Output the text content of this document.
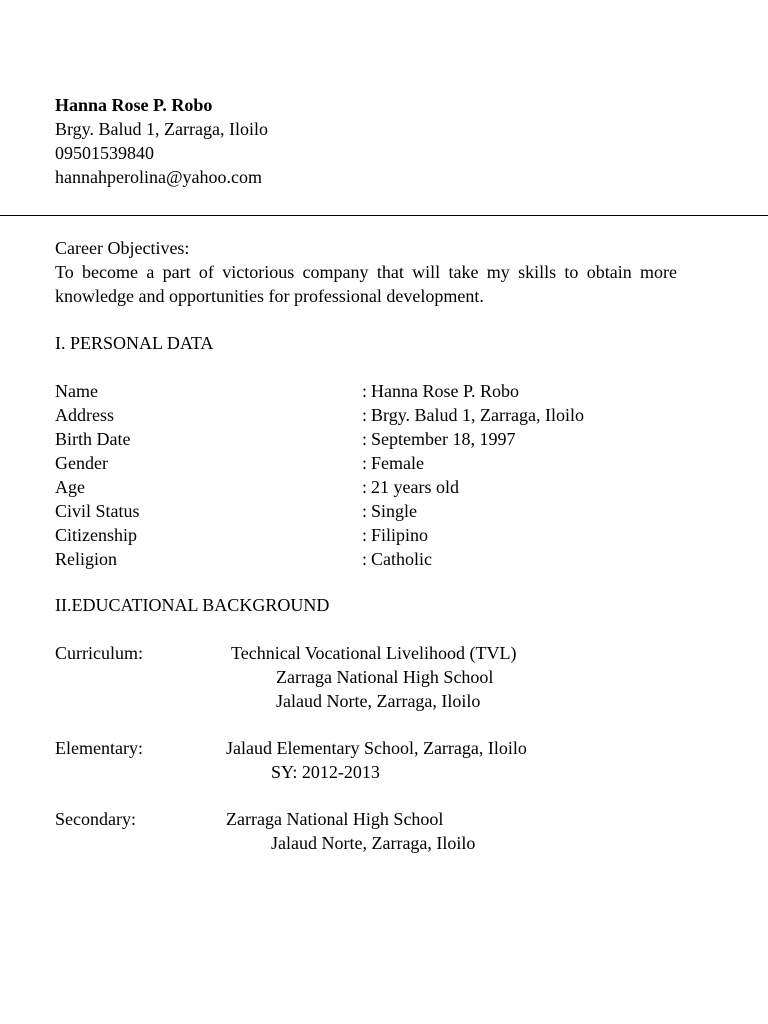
Hanna Rose P. Robo
Brgy. Balud 1, Zarraga, Iloilo
09501539840
hannahperolina@yahoo.com
Career Objectives:
To become a part of victorious company that will take my skills to obtain more knowledge and opportunities for professional development.
I. PERSONAL DATA
Name	: Hanna Rose P. Robo
Address	: Brgy. Balud 1, Zarraga, Iloilo
Birth Date	: September 18, 1997
Gender	: Female
Age	: 21 years old
Civil Status	: Single
Citizenship	: Filipino
Religion	: Catholic
II.EDUCATIONAL BACKGROUND
Curriculum:	Technical Vocational Livelihood (TVL)
Zarraga National High School
Jalaud Norte, Zarraga, Iloilo
Elementary:	Jalaud Elementary School, Zarraga, Iloilo
SY: 2012-2013
Secondary:	Zarraga National High School
Jalaud Norte, Zarraga, Iloilo
